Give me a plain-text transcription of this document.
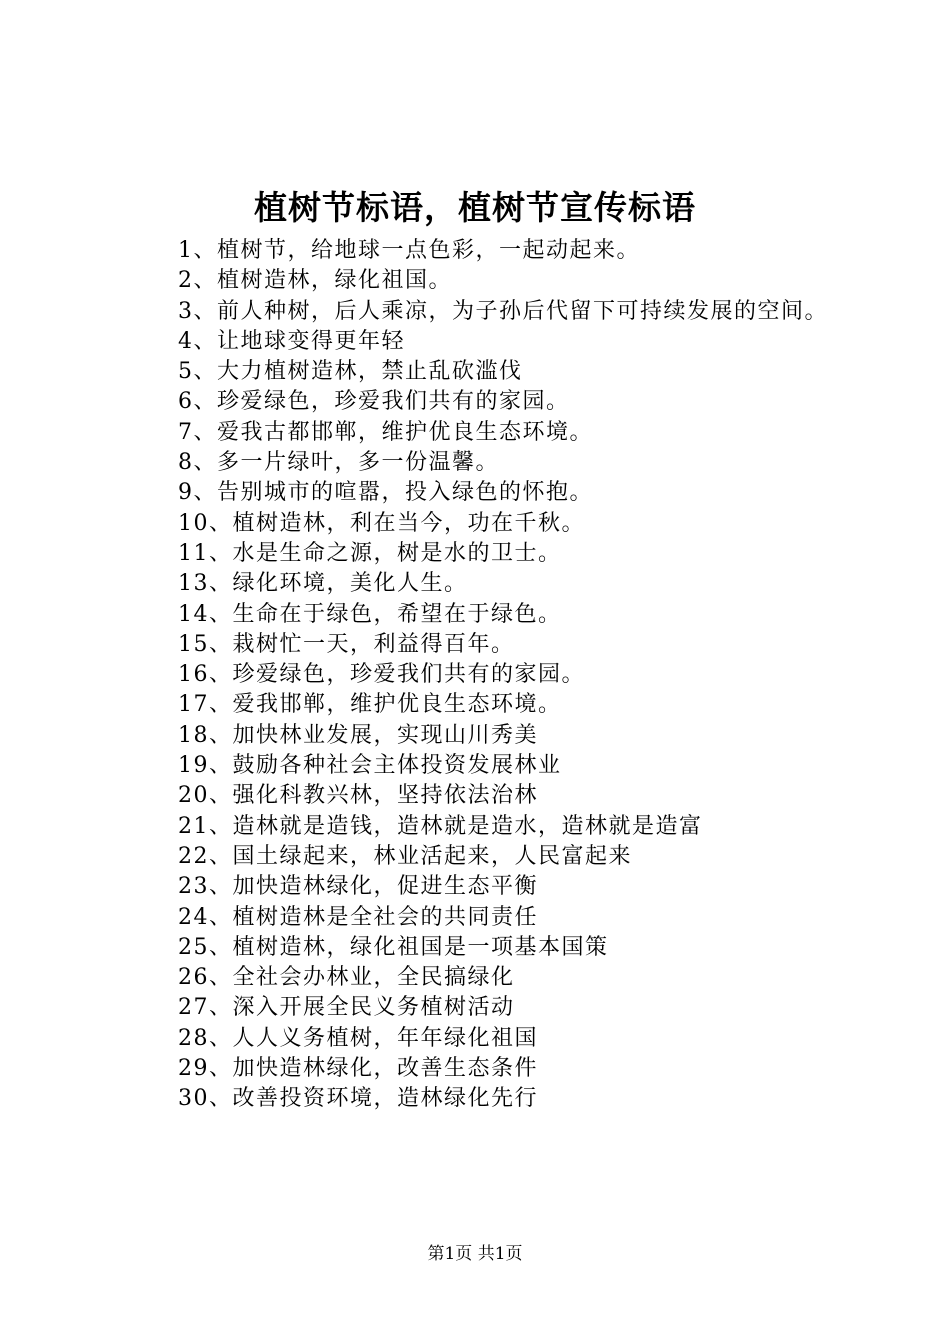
植树节标语，植树节宣传标语

1、植树节，给地球一点色彩，一起动起来。

2、植树造林，绿化祖国。

3、前人种树，后人乘凉，为子孙后代留下可持续发展的空间。

4、让地球变得更年轻

5、大力植树造林，禁止乱砍滥伐

6、珍爱绿色，珍爱我们共有的家园。

7、爱我古都邯郸，维护优良生态环境。

8、多一片绿叶，多一份温馨。

9、告别城市的喧嚣，投入绿色的怀抱。

10、植树造林，利在当今，功在千秋。

11、水是生命之源，树是水的卫士。

13、绿化环境，美化人生。

14、生命在于绿色，希望在于绿色。

15、栽树忙一天，利益得百年。

16、珍爱绿色，珍爱我们共有的家园。

17、爱我邯郸，维护优良生态环境。

18、加快林业发展，实现山川秀美

19、鼓励各种社会主体投资发展林业

20、强化科教兴林，坚持依法治林

21、造林就是造钱，造林就是造水，造林就是造富

22、国土绿起来，林业活起来，人民富起来

23、加快造林绿化，促进生态平衡

24、植树造林是全社会的共同责任

25、植树造林，绿化祖国是一项基本国策

26、全社会办林业，全民搞绿化

27、深入开展全民义务植树活动

28、人人义务植树，年年绿化祖国

29、加快造林绿化，改善生态条件

30、改善投资环境，造林绿化先行

第1页 共1页
